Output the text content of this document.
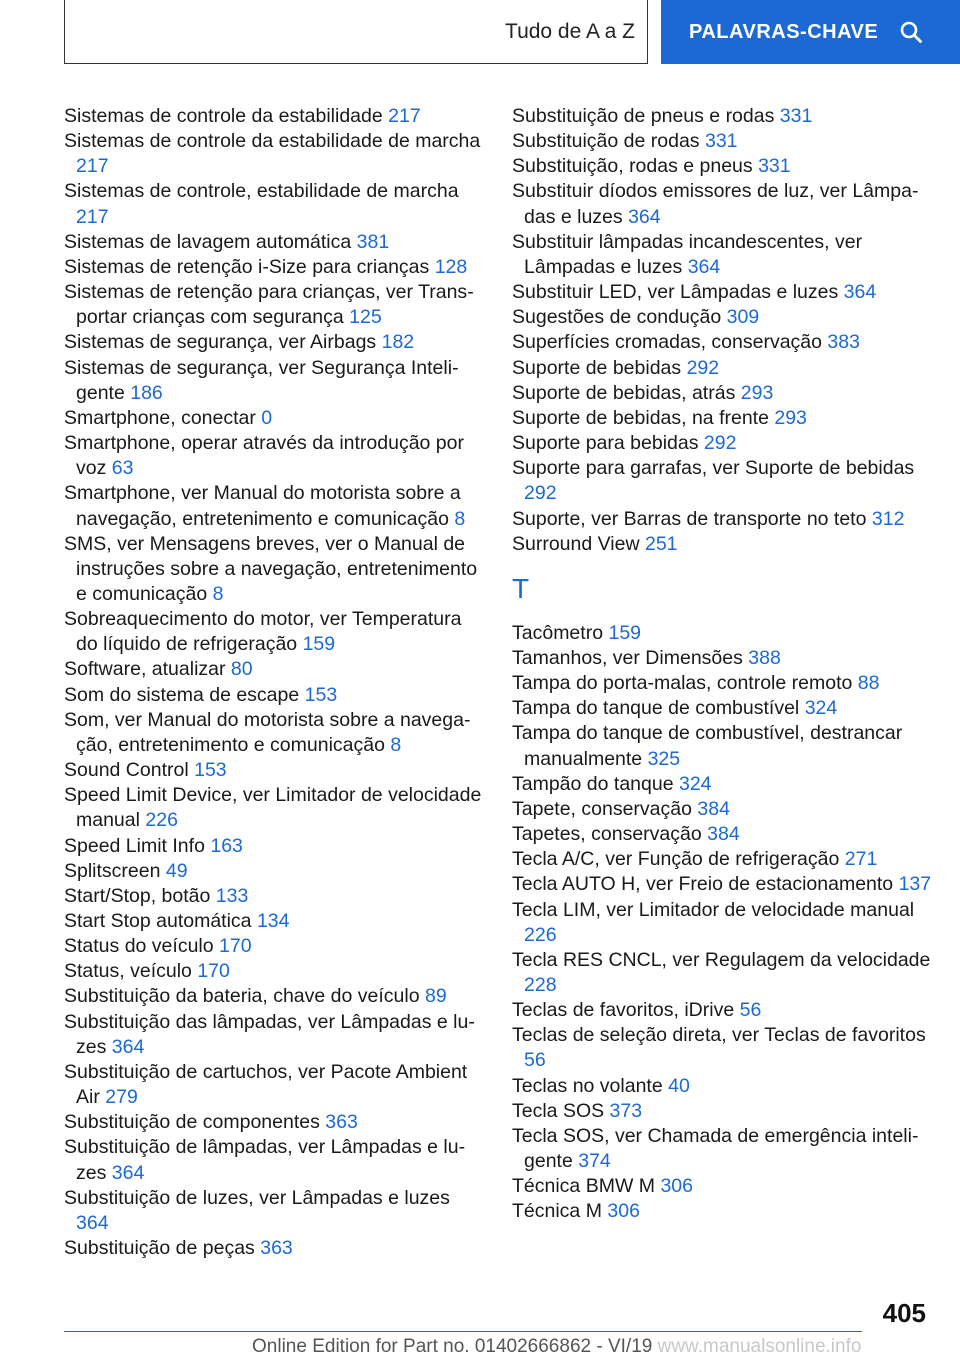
Tudo de A a Z	PALAVRAS-CHAVE

Sistemas de controle da estabilidade 217

Sistemas de controle da estabilidade de marcha 217

Sistemas de controle, estabilidade de marcha 217

Sistemas de lavagem automática 381

Sistemas de retenção i-Size para crianças 128

Sistemas de retenção para crianças, ver Transportar crianças com segurança 125

Sistemas de segurança, ver Airbags 182

Sistemas de segurança, ver Segurança Inteligente 186

Smartphone, conectar 0

Smartphone, operar através da introdução por voz 63

Smartphone, ver Manual do motorista sobre a navegação, entretenimento e comunicação 8

SMS, ver Mensagens breves, ver o Manual de instruções sobre a navegação, entretenimento e comunicação 8

Sobreaquecimento do motor, ver Temperatura do líquido de refrigeração 159

Software, atualizar 80

Som do sistema de escape 153

Som, ver Manual do motorista sobre a navegação, entretenimento e comunicação 8

Sound Control 153

Speed Limit Device, ver Limitador de velocidade manual 226

Speed Limit Info 163

Splitscreen 49

Start/Stop, botão 133

Start Stop automática 134

Status do veículo 170

Status, veículo 170

Substituição da bateria, chave do veículo 89

Substituição das lâmpadas, ver Lâmpadas e luzes 364

Substituição de cartuchos, ver Pacote Ambient Air 279

Substituição de componentes 363

Substituição de lâmpadas, ver Lâmpadas e luzes 364

Substituição de luzes, ver Lâmpadas e luzes 364

Substituição de peças 363

Substituição de pneus e rodas 331

Substituição de rodas 331

Substituição, rodas e pneus 331

Substituir díodos emissores de luz, ver Lâmpadas e luzes 364

Substituir lâmpadas incandescentes, ver Lâmpadas e luzes 364

Substituir LED, ver Lâmpadas e luzes 364

Sugestões de condução 309

Superfícies cromadas, conservação 383

Suporte de bebidas 292

Suporte de bebidas, atrás 293

Suporte de bebidas, na frente 293

Suporte para bebidas 292

Suporte para garrafas, ver Suporte de bebidas 292

Suporte, ver Barras de transporte no teto 312

Surround View 251

T

Tacômetro 159

Tamanhos, ver Dimensões 388

Tampa do porta-malas, controle remoto 88

Tampa do tanque de combustível 324

Tampa do tanque de combustível, destrancar manualmente 325

Tampão do tanque 324

Tapete, conservação 384

Tapetes, conservação 384

Tecla A/C, ver Função de refrigeração 271

Tecla AUTO H, ver Freio de estacionamento 137

Tecla LIM, ver Limitador de velocidade manual 226

Tecla RES CNCL, ver Regulagem da velocidade 228

Teclas de favoritos, iDrive 56

Teclas de seleção direta, ver Teclas de favoritos 56

Teclas no volante 40

Tecla SOS 373

Tecla SOS, ver Chamada de emergência inteligente 374

Técnica BMW M 306

Técnica M 306

405
Online Edition for Part no. 01402666862 - VI/19 www.manualsonline.info
